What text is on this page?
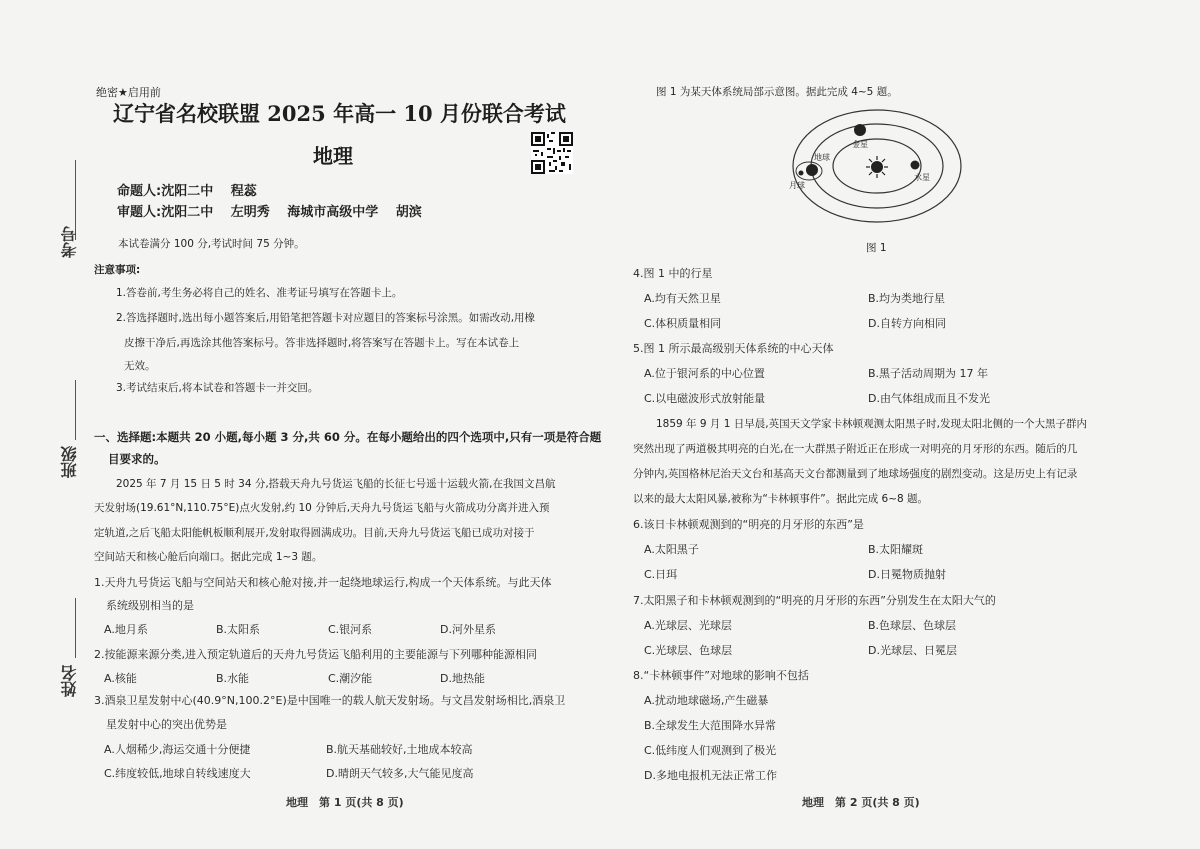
考号
班级
姓名
绝密★启用前
辽宁省名校联盟 2025 年高一 10 月份联合考试
地理
命题人:沈阳二中　 程蕊
审题人:沈阳二中　 左明秀　 海城市高级中学　 胡滨
本试卷满分 100 分,考试时间 75 分钟。
注意事项:
1.答卷前,考生务必将自己的姓名、准考证号填写在答题卡上。
2.答选择题时,选出每小题答案后,用铅笔把答题卡对应题目的答案标号涂黑。如需改动,用橡
皮擦干净后,再选涂其他答案标号。答非选择题时,将答案写在答题卡上。写在本试卷上
无效。
3.考试结束后,将本试卷和答题卡一并交回。
一、选择题:本题共 20 小题,每小题 3 分,共 60 分。在每小题给出的四个选项中,只有一项是符合题
目要求的。
2025 年 7 月 15 日 5 时 34 分,搭载天舟九号货运飞船的长征七号遥十运载火箭,在我国文昌航
天发射场(19.61°N,110.75°E)点火发射,约 10 分钟后,天舟九号货运飞船与火箭成功分离并进入预
定轨道,之后飞船太阳能帆板顺利展开,发射取得圆满成功。目前,天舟九号货运飞船已成功对接于
空间站天和核心舱后向端口。据此完成 1~3 题。
1.天舟九号货运飞船与空间站天和核心舱对接,并一起绕地球运行,构成一个天体系统。与此天体
系统级别相当的是
A.地月系	B.太阳系	C.银河系	D.河外星系
2.按能源来源分类,进入预定轨道后的天舟九号货运飞船利用的主要能源与下列哪种能源相同
A.核能	B.水能	C.潮汐能	D.地热能
3.酒泉卫星发射中心(40.9°N,100.2°E)是中国唯一的载人航天发射场。与文昌发射场相比,酒泉卫
星发射中心的突出优势是
A.人烟稀少,海运交通十分便捷	B.航天基础较好,土地成本较高
C.纬度较低,地球自转线速度大	D.晴朗天气较多,大气能见度高
地理　第 1 页(共 8 页)
图 1 为某天体系统局部示意图。据此完成 4~5 题。
金星
地球
水星
月球
图 1
4.图 1 中的行星
A.均有天然卫星	B.均为类地行星
C.体积质量相同	D.自转方向相同
5.图 1 所示最高级别天体系统的中心天体
A.位于银河系的中心位置	B.黑子活动周期为 17 年
C.以电磁波形式放射能量	D.由气体组成而且不发光
1859 年 9 月 1 日早晨,英国天文学家卡林顿观测太阳黑子时,发现太阳北侧的一个大黑子群内
突然出现了两道极其明亮的白光,在一大群黑子附近正在形成一对明亮的月牙形的东西。随后的几
分钟内,英国格林尼治天文台和基高天文台都测量到了地球场强度的剧烈变动。这是历史上有记录
以来的最大太阳风暴,被称为“卡林顿事件”。据此完成 6~8 题。
6.该日卡林顿观测到的“明亮的月牙形的东西”是
A.太阳黑子	B.太阳耀斑
C.日珥	D.日冕物质抛射
7.太阳黑子和卡林顿观测到的“明亮的月牙形的东西”分别发生在太阳大气的
A.光球层、光球层	B.色球层、色球层
C.光球层、色球层	D.光球层、日冕层
8.“卡林顿事件”对地球的影响不包括
A.扰动地球磁场,产生磁暴
B.全球发生大范围降水异常
C.低纬度人们观测到了极光
D.多地电报机无法正常工作
地理　第 2 页(共 8 页)
